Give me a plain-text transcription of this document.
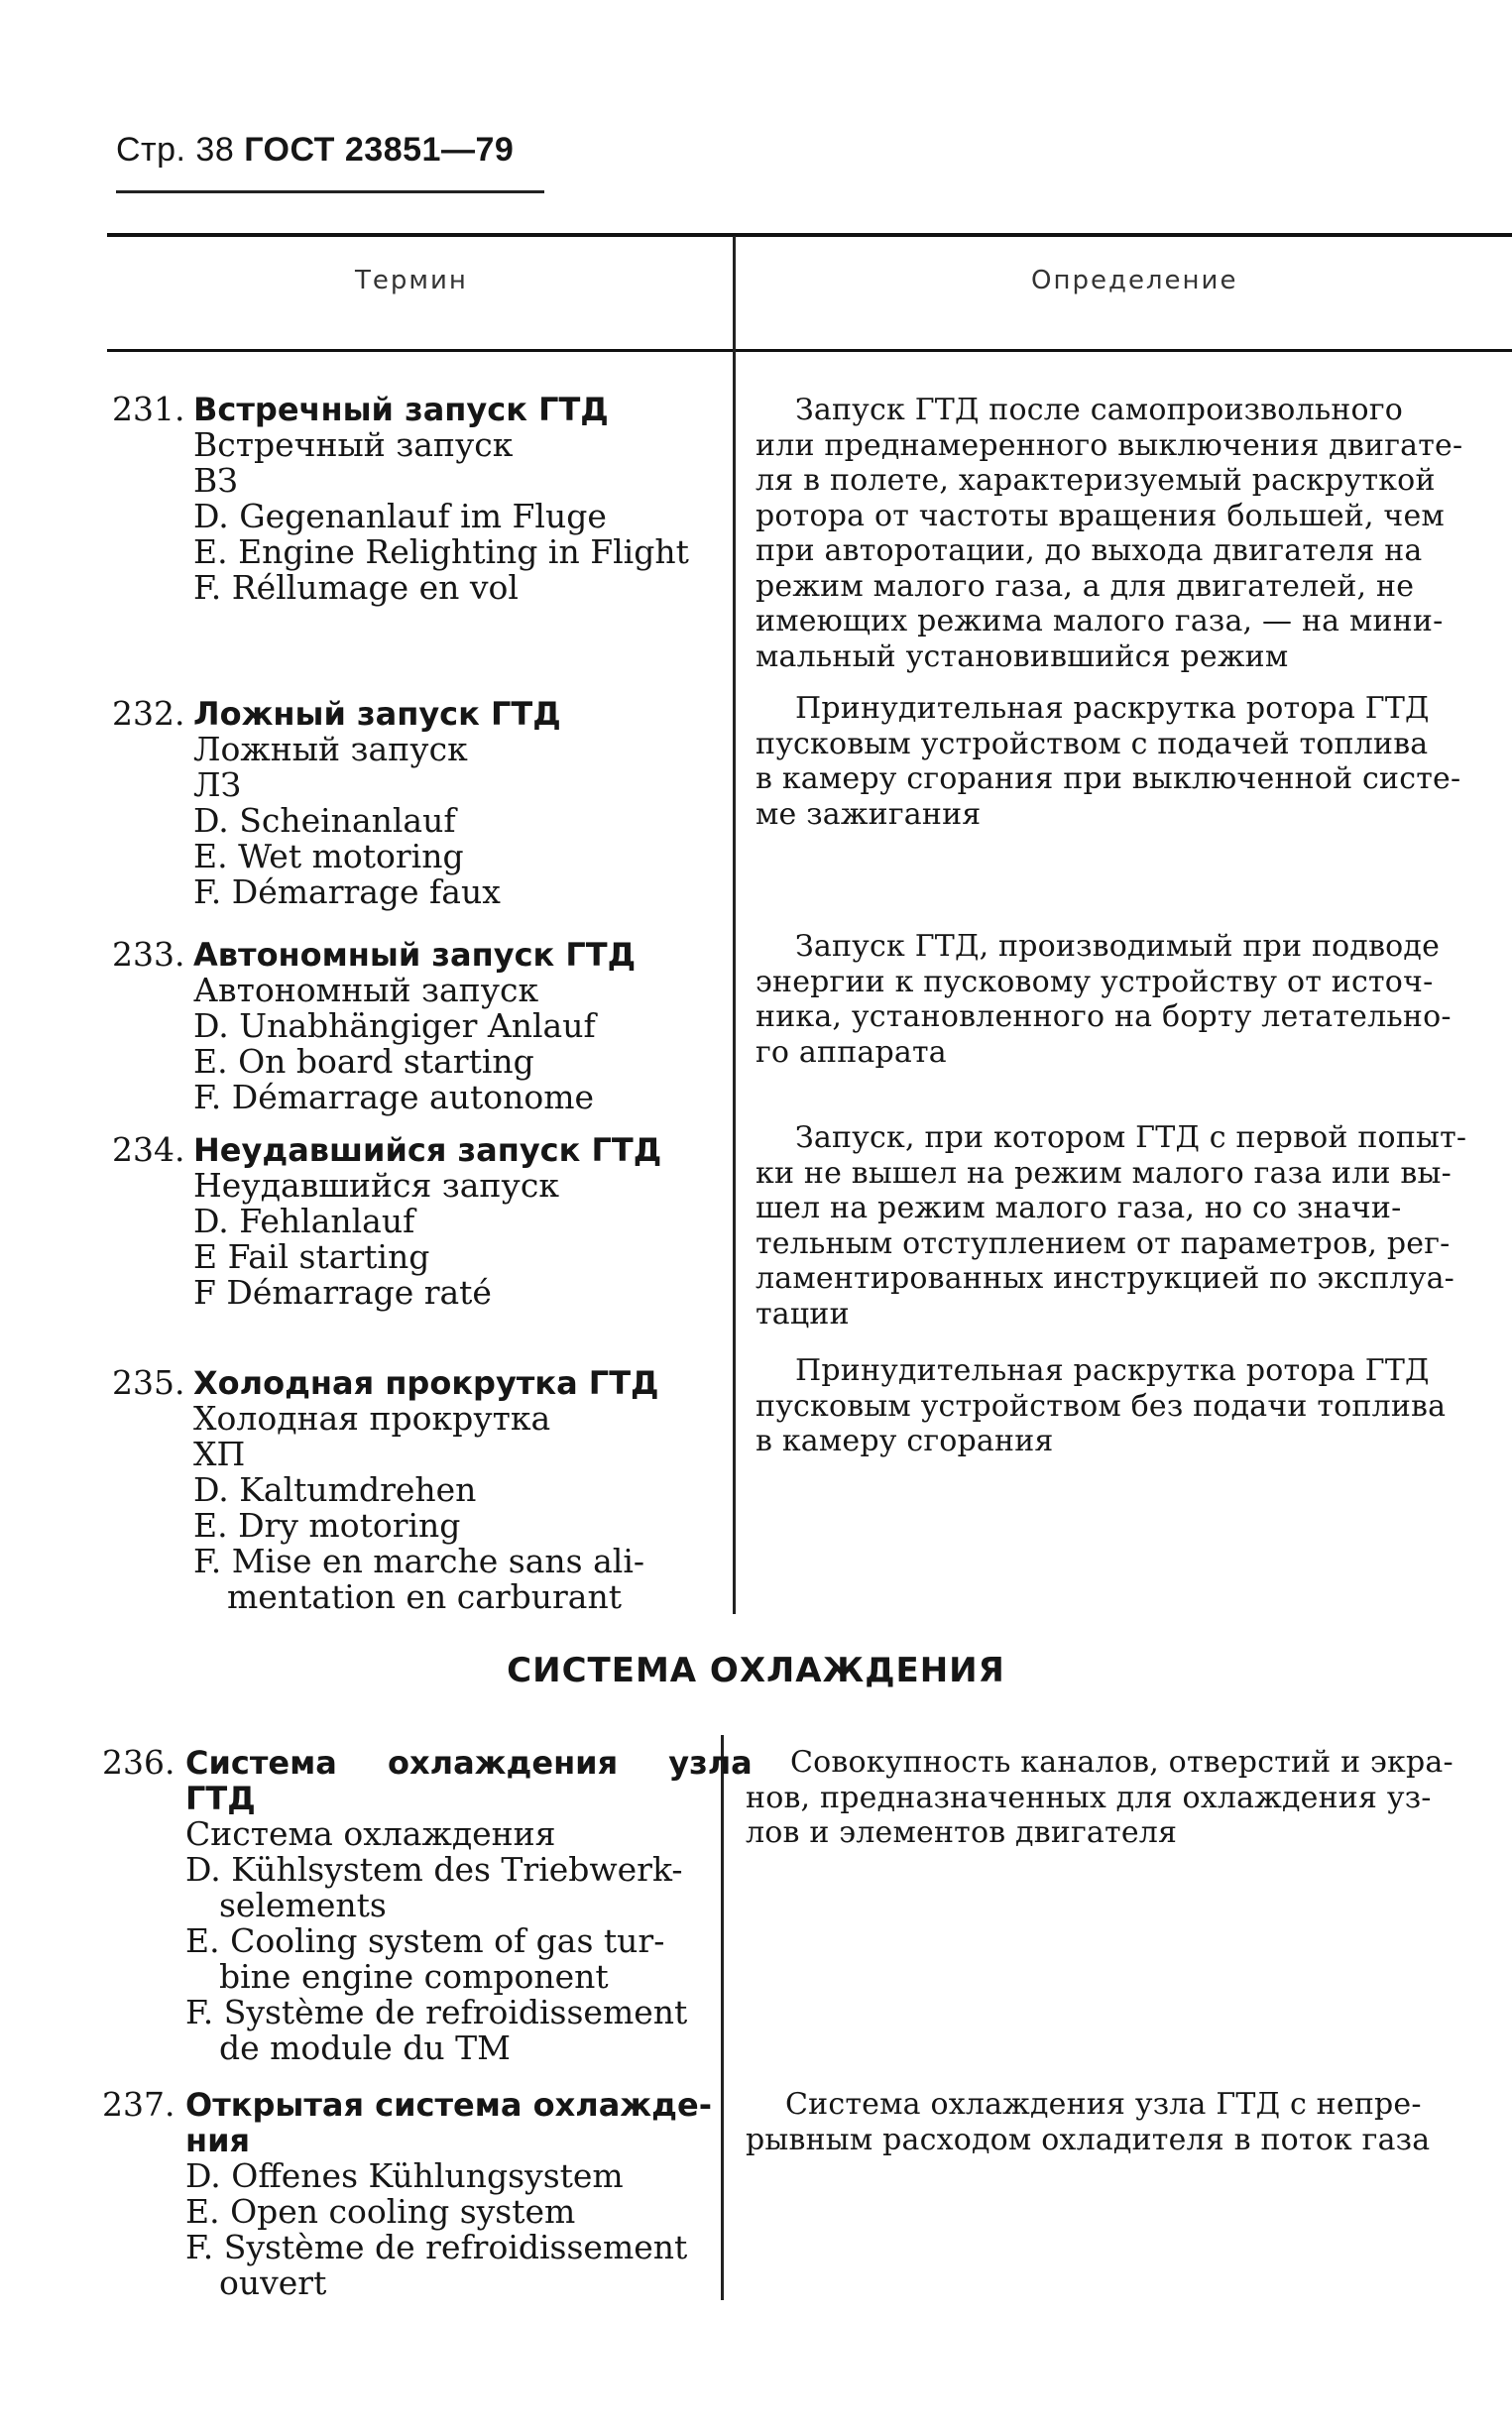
Стр. 38 ГОСТ 23851—79
Термин	Определение
231. Встречный запуск ГТД
Встречный запуск
ВЗ
D. Gegenanlauf im Fluge
E. Engine Relighting in Flight
F. Réllumage en vol
Запуск ГТД после самопроизвольного
или преднамеренного выключения двигате-
ля в полете, характеризуемый раскруткой
ротора от частоты вращения большей, чем
при авторотации, до выхода двигателя на
режим малого газа, а для двигателей, не
имеющих режима малого газа, — на мини-
мальный установившийся режим
232. Ложный запуск ГТД
Ложный запуск
ЛЗ
D. Scheinanlauf
E. Wet motoring
F. Démarrage faux
Принудительная раскрутка ротора ГТД
пусковым устройством с подачей топлива
в камеру сгорания при выключенной систе-
ме зажигания
233. Автономный запуск ГТД
Автономный запуск
D. Unabhängiger Anlauf
E. On board starting
F. Démarrage autonome
Запуск ГТД, производимый при подводе
энергии к пусковому устройству от источ-
ника, установленного на борту летательно-
го аппарата
234. Неудавшийся запуск ГТД
Неудавшийся запуск
D. Fehlanlauf
E Fail starting
F Démarrage raté
Запуск, при котором ГТД с первой попыт-
ки не вышел на режим малого газа или вы-
шел на режим малого газа, но со значи-
тельным отступлением от параметров, рег-
ламентированных инструкцией по эксплуа-
тации
235. Холодная прокрутка ГТД
Холодная прокрутка
ХП
D. Kaltumdrehen
E. Dry motoring
F. Mise en marche sans ali-
mentation en carburant
Принудительная раскрутка ротора ГТД
пусковым устройством без подачи топлива
в камеру сгорания
СИСТЕМА ОХЛАЖДЕНИЯ
236. Система охлаждения узла
ГТД
Система охлаждения
D. Kühlsystem des Triebwerk-
selements
E. Cooling system of gas tur-
bine engine component
F. Système de refroidissement
de module du TM
Совокупность каналов, отверстий и экра-
нов, предназначенных для охлаждения уз-
лов и элементов двигателя
237. Открытая система охлажде-
ния
D. Offenes Kühlungsystem
E. Open cooling system
F. Système de refroidissement
ouvert
Система охлаждения узла ГТД с непре-
рывным расходом охладителя в поток газа
